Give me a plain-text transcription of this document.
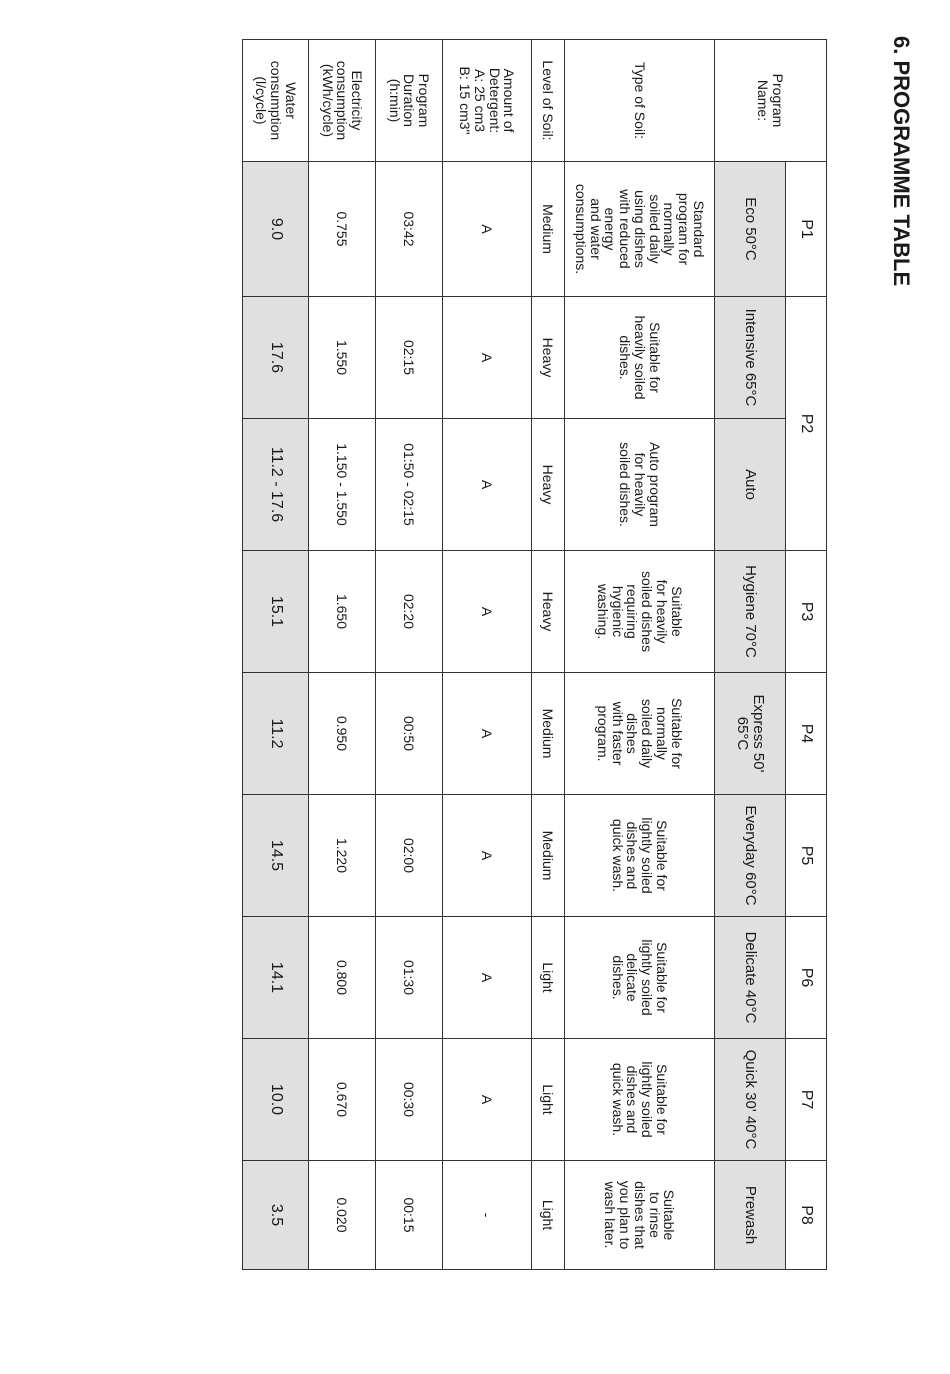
6. PROGRAMME TABLE
P1
P2
P3
P4
P5
P6
P7
P8
Program
Name:
Type of Soil:
Level of Soil:
Amount of
Detergent:
A: 25 cm3
B: 15 cm3"
Program
Duration
(h:min)
Electricity
consumption
(kWh/cycle)
Water
consumption
(l/cycle)
Eco 50°C
Standard
program for
normally
soiled daily
using dishes
with reduced
energy
and water
consumptions.
Medium
A
03:42
0.755
9.0
Intensive 65°C
Suitable for
heavily soiled
dishes.
Heavy
A
02:15
1.550
17.6
Auto
Auto program
for heavily
soiled dishes.
Heavy
A
01:50 - 02:15
1.150 - 1.550
11.2 - 17.6
Hygiene 70°C
Suitable
for heavily
soiled dishes
requiring
hygienic
washing.
Heavy
A
02:20
1.650
15.1
Express 50'
65°C
Suitable for
normally
soiled daily
dishes
with faster
program.
Medium
A
00:50
0.950
11.2
Everyday 60°C
Suitable for
lightly soiled
dishes and
quick wash.
Medium
A
02:00
1.220
14.5
Delicate 40°C
Suitable for
lightly soiled
delicate
dishes.
Light
A
01:30
0.800
14.1
Quick 30' 40°C
Suitable for
lightly soiled
dishes and
quick wash.
Light
A
00:30
0.670
10.0
Prewash
Suitable
to rinse
dishes that
you plan to
wash later.
Light
-
00:15
0.020
3.5
